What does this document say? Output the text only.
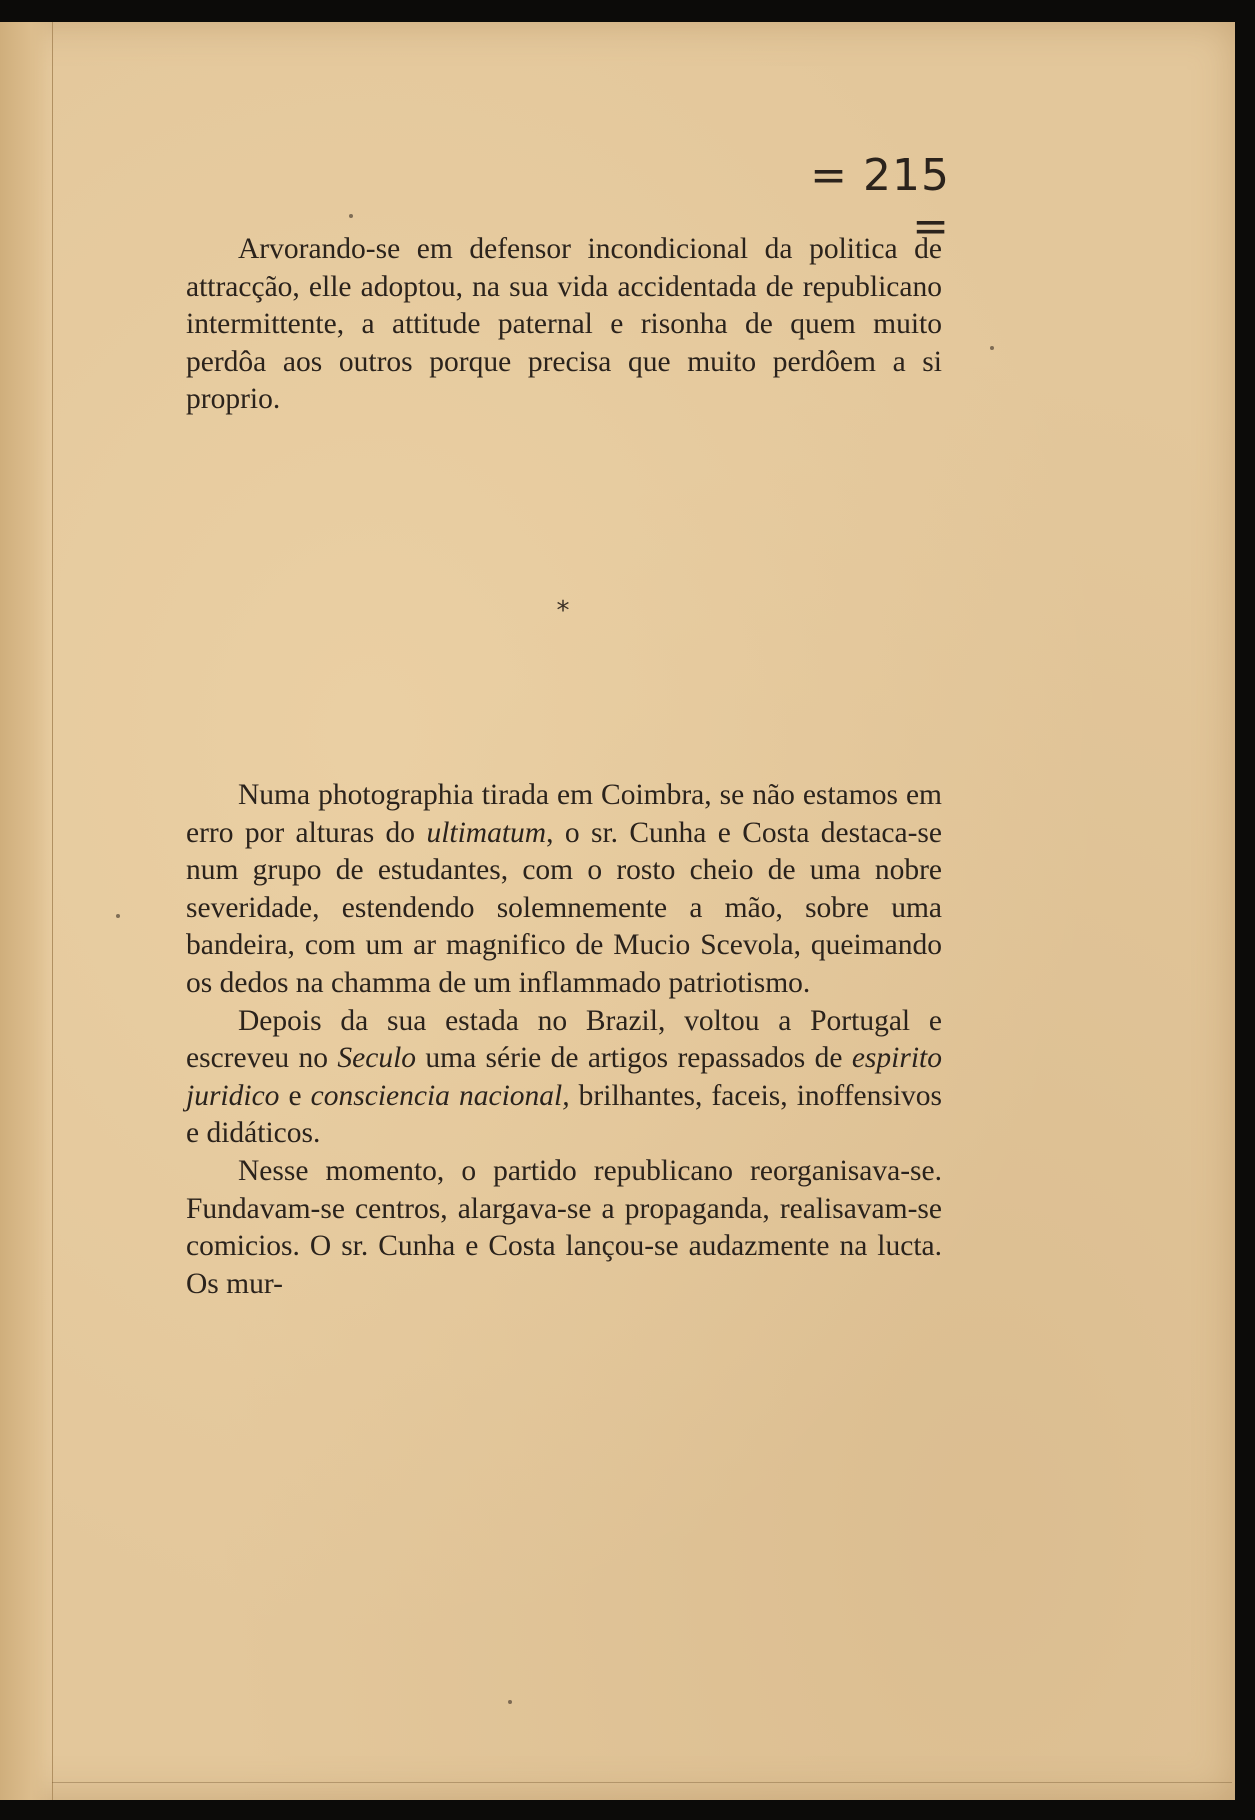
= 215 =

Arvorando-se em defensor incondicional da politica de attracção, elle adoptou, na sua vida accidentada de republicano intermittente, a attitude paternal e risonha de quem muito perdôa aos outros porque precisa que muito perdôem a si proprio.

*

Numa photographia tirada em Coimbra, se não estamos em erro por alturas do ultimatum, o sr. Cunha e Costa destaca-se num grupo de estudantes, com o rosto cheio de uma nobre severidade, estendendo solemnemente a mão, sobre uma bandeira, com um ar magnifico de Mucio Scevola, queimando os dedos na chamma de um inflammado patriotismo.

Depois da sua estada no Brazil, voltou a Portugal e escreveu no Seculo uma série de artigos repassados de espirito juridico e consciencia nacional, brilhantes, faceis, inoffensivos e didáticos.

Nesse momento, o partido republicano reorganisava-se. Fundavam-se centros, alargava-se a propaganda, realisavam-se comicios. O sr. Cunha e Costa lançou-se audazmente na lucta. Os mur-
